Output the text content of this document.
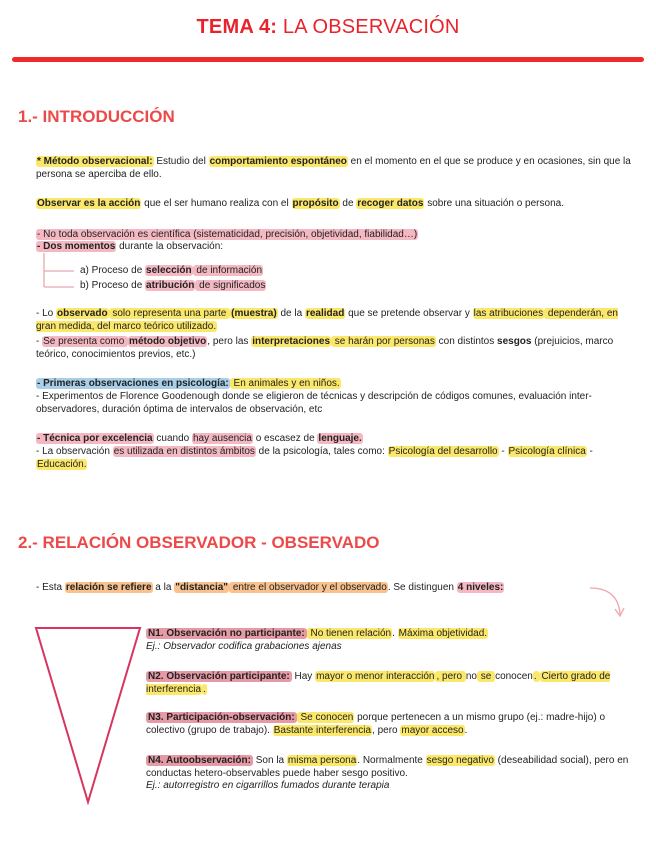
TEMA 4: LA OBSERVACIÓN
1.- INTRODUCCIÓN
* Método observacional: Estudio del comportamiento espontáneo en el momento en el que se produce y en ocasiones, sin que la persona se aperciba de ello.
Observar es la acción que el ser humano realiza con el propósito de recoger datos sobre una situación o persona.
- No toda observación es científica (sistematicidad, precisión, objetividad, fiabilidad…)
- Dos momentos durante la observación:
a) Proceso de selección de información
b) Proceso de atribución de significados
- Lo observado solo representa una parte (muestra) de la realidad que se pretende observar y las atribuciones dependerán, en gran medida, del marco teórico utilizado.
- Se presenta como método objetivo, pero las interpretaciones se harán por personas con distintos sesgos (prejuicios, marco teórico, conocimientos previos, etc.)
- Primeras observaciones en psicología: En animales y en niños.
- Experimentos de Florence Goodenough donde se eligieron de técnicas y descripción de códigos comunes, evaluación inter-observadores, duración óptima de intervalos de observación, etc
- Técnica por excelencia cuando hay ausencia o escasez de lenguaje.
- La observación es utilizada en distintos ámbitos de la psicología, tales como: Psicología del desarrollo - Psicología clínica - Educación.
2.- RELACIÓN OBSERVADOR - OBSERVADO
- Esta relación se refiere a la "distancia" entre el observador y el observado. Se distinguen 4 niveles:
N1. Observación no participante: No tienen relación. Máxima objetividad.
Ej.: Observador codifica grabaciones ajenas
N2. Observación participante: Hay mayor o menor interacción , pero no se conocen. Cierto grado de interferencia .
N3. Participación-observación: Se conocen porque pertenecen a un mismo grupo (ej.: madre-hijo) o colectivo (grupo de trabajo). Bastante interferencia, pero mayor acceso.
N4. Autoobservación: Son la misma persona. Normalmente sesgo negativo (deseabilidad social), pero en conductas hetero-observables puede haber sesgo positivo.
Ej.: autorregistro en cigarrillos fumados durante terapia
